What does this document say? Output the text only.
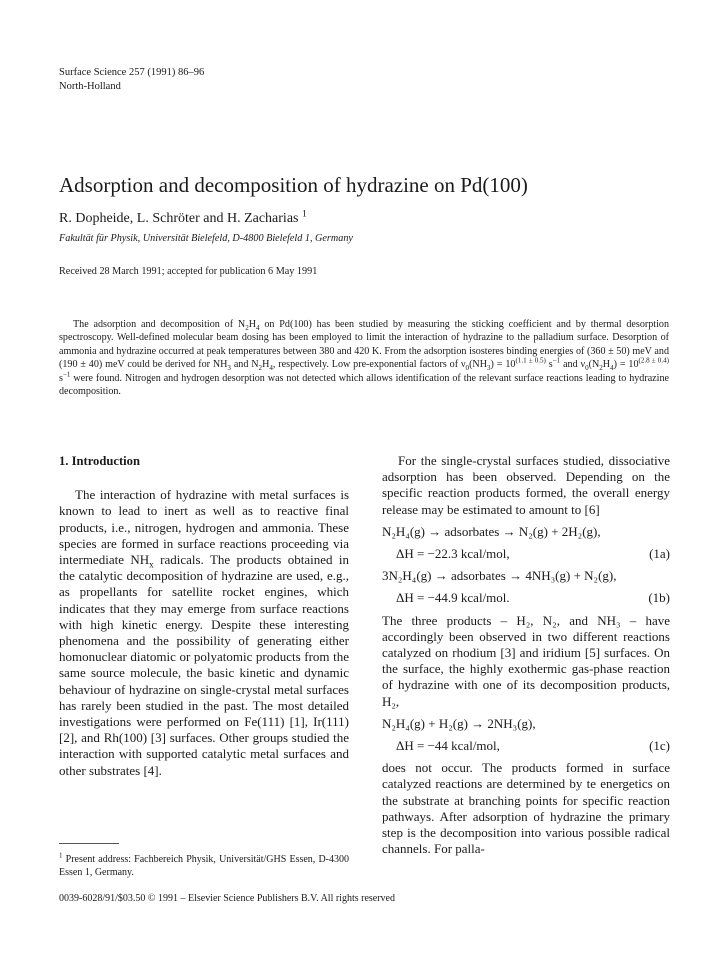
Surface Science 257 (1991) 86–96
North-Holland
Adsorption and decomposition of hydrazine on Pd(100)
R. Dopheide, L. Schröter and H. Zacharias $^1$
Fakultät für Physik, Universität Bielefeld, D-4800 Bielefeld 1, Germany
Received 28 March 1991; accepted for publication 6 May 1991

The adsorption and decomposition of $N_2H_4$ on Pd(100) has been studied by measuring the sticking coefficient and by thermal desorption spectroscopy. Well-defined molecular beam dosing has been employed to limit the interaction of hydrazine to the palladium surface. Desorption of ammonia and hydrazine occurred at peak temperatures between 380 and 420 K. From the adsorption isosteres binding energies of (360 ± 50) meV and (190 ± 40) meV could be derived for $NH_3$ and $N_2H_4$, respectively. Low pre-exponential factors of $\nu_0(NH_3) = 10^{(1.1 \pm 0.5)}$ $s^{-1}$ and $\nu_0(N_2H_4) = 10^{(2.8 \pm 0.4)}$ $s^{-1}$ were found. Nitrogen and hydrogen desorption was not detected which allows identification of the relevant surface reactions leading to hydrazine decomposition.

1. Introduction

The interaction of hydrazine with metal surfaces is known to lead to inert as well as to reactive final products, i.e., nitrogen, hydrogen and ammonia. These species are formed in surface reactions proceeding via intermediate $NH_x$ radicals. The products obtained in the catalytic decomposition of hydrazine are used, e.g., as propellants for satellite rocket engines, which indicates that they may emerge from surface reactions with high kinetic energy. Despite these interesting phenomena and the possibility of generating either homonuclear diatomic or polyatomic products from the same source molecule, the basic kinetic and dynamic behaviour of hydrazine on single-crystal metal surfaces has rarely been studied in the past. The most detailed investigations were performed on Fe(111) [1], Ir(111) [2], and Rh(100) [3] surfaces. Other groups studied the interaction with supported catalytic metal surfaces and other substrates [4].

For the single-crystal surfaces studied, dissociative adsorption has been observed. Depending on the specific reaction products formed, the overall energy release may be estimated to amount to [6]

N₂H₄(g) → adsorbates → N₂(g) + 2H₂(g),
ΔH = −22.3 kcal/mol,	(1a)
3N₂H₄(g) → adsorbates → 4NH₃(g) + N₂(g),
ΔH = −44.9 kcal/mol.	(1b)

The three products – H₂, N₂, and NH₃ – have accordingly been observed in two different reactions catalyzed on rhodium [3] and iridium [5] surfaces. On the surface, the highly exothermic gas-phase reaction of hydrazine with one of its decomposition products, H₂,

N₂H₄(g) + H₂(g) → 2NH₃(g),
ΔH = −44 kcal/mol,	(1c)

does not occur. The products formed in surface catalyzed reactions are determined by te energetics on the substrate at branching points for specific reaction pathways. After adsorption of hydrazine the primary step is the decomposition into various possible radical channels. For palla-

$^1$ Present address: Fachbereich Physik, Universität/GHS Essen, D-4300 Essen 1, Germany.

0039-6028/91/$03.50 © 1991 – Elsevier Science Publishers B.V. All rights reserved
